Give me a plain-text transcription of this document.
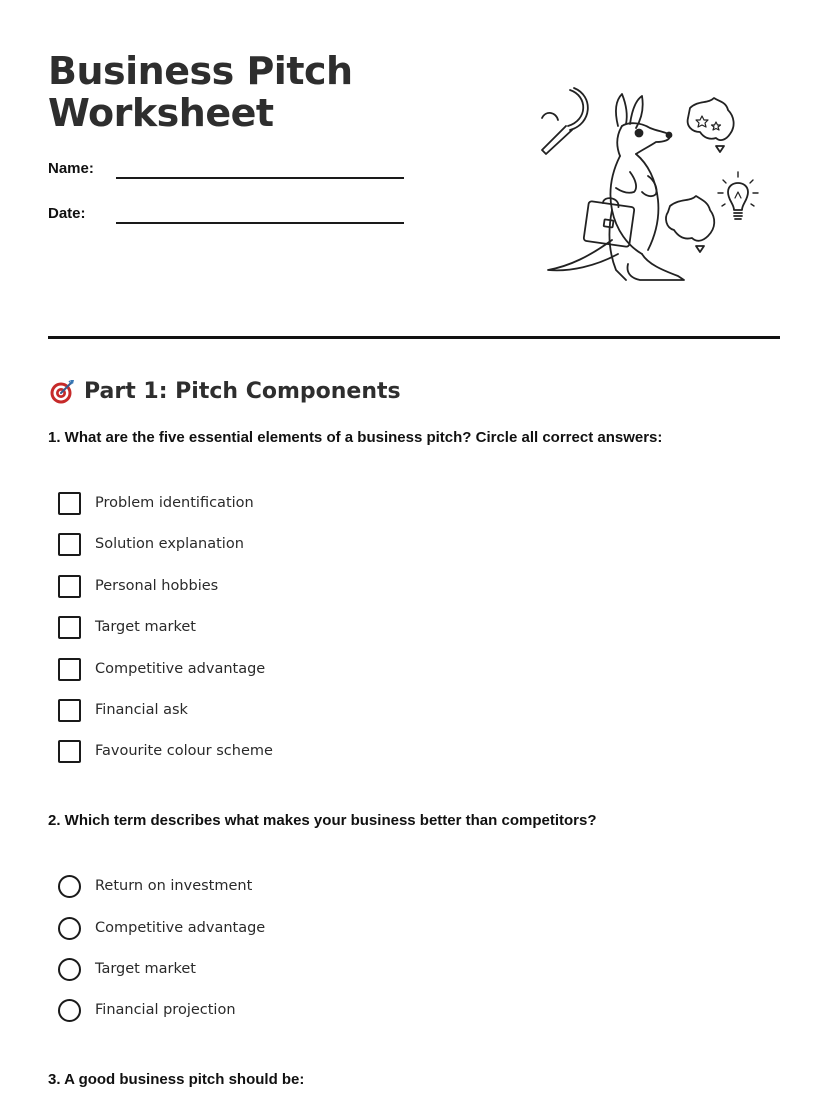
Business Pitch
Worksheet
Name:
Date:
Part 1: Pitch Components
1. What are the five essential elements of a business pitch? Circle all correct answers:
Problem identification
Solution explanation
Personal hobbies
Target market
Competitive advantage
Financial ask
Favourite colour scheme
2. Which term describes what makes your business better than competitors?
Return on investment
Competitive advantage
Target market
Financial projection
3. A good business pitch should be:
